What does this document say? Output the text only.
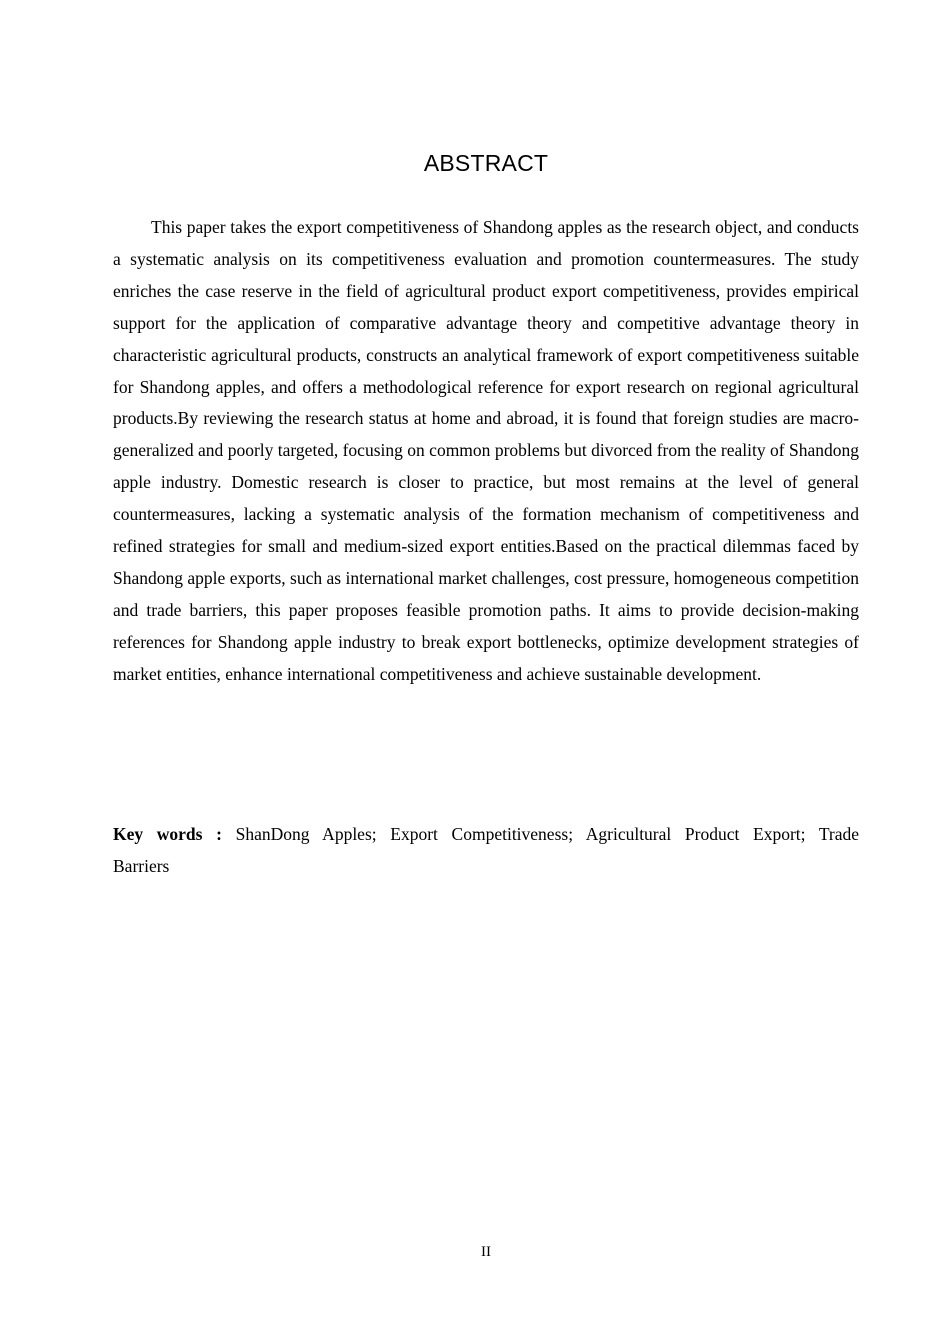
ABSTRACT

This paper takes the export competitiveness of Shandong apples as the research object, and conducts a systematic analysis on its competitiveness evaluation and promotion countermeasures. The study enriches the case reserve in the field of agricultural product export competitiveness, provides empirical support for the application of comparative advantage theory and competitive advantage theory in characteristic agricultural products, constructs an analytical framework of export competitiveness suitable for Shandong apples, and offers a methodological reference for export research on regional agricultural products.By reviewing the research status at home and abroad, it is found that foreign studies are macro-generalized and poorly targeted, focusing on common problems but divorced from the reality of Shandong apple industry. Domestic research is closer to practice, but most remains at the level of general countermeasures, lacking a systematic analysis of the formation mechanism of competitiveness and refined strategies for small and medium-sized export entities.Based on the practical dilemmas faced by Shandong apple exports, such as international market challenges, cost pressure, homogeneous competition and trade barriers, this paper proposes feasible promotion paths. It aims to provide decision-making references for Shandong apple industry to break export bottlenecks, optimize development strategies of market entities, enhance international competitiveness and achieve sustainable development.

Key words : ShanDong Apples; Export Competitiveness; Agricultural Product Export; Trade Barriers

II
